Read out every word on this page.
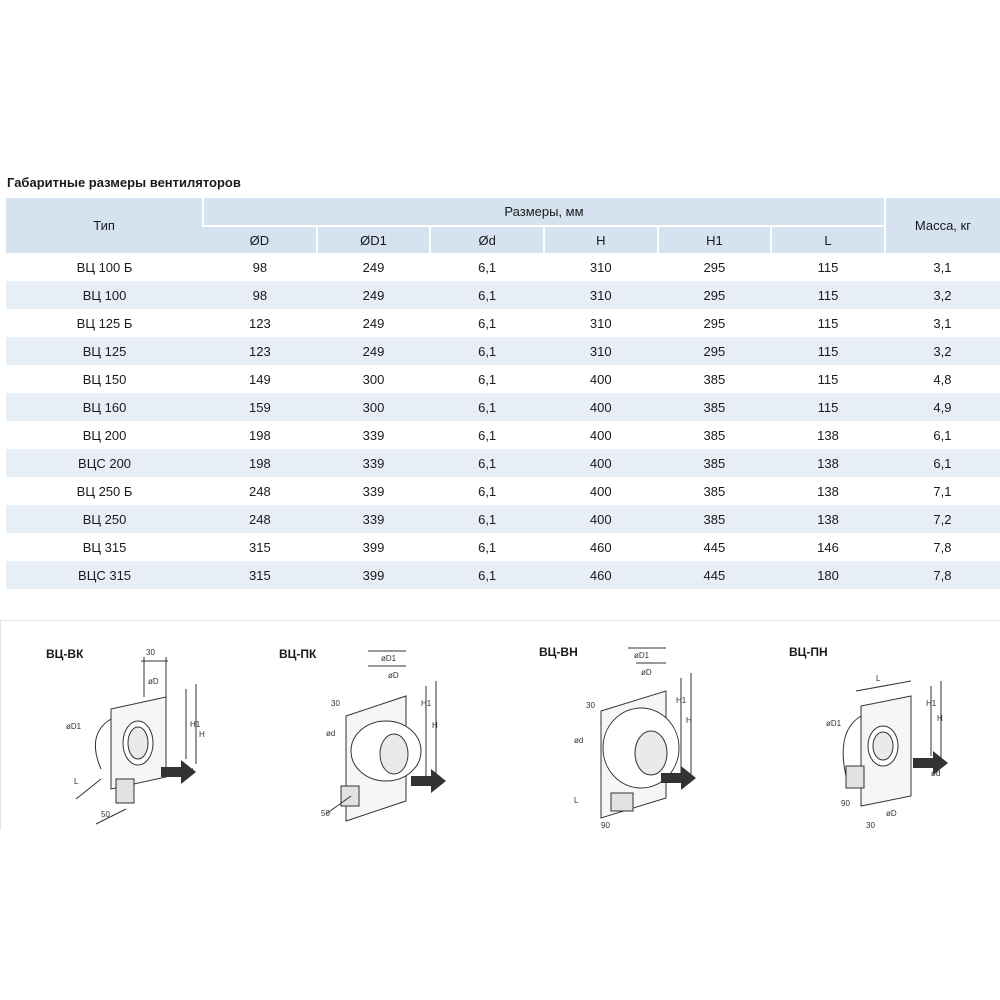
Габаритные размеры вентиляторов
Тип	Размеры, мм						Масса, кг
	ØD	ØD1	Ød	H	H1	L	
ВЦ 100 Б	98	249	6,1	310	295	115	3,1
ВЦ 100	98	249	6,1	310	295	115	3,2
ВЦ 125 Б	123	249	6,1	310	295	115	3,1
ВЦ 125	123	249	6,1	310	295	115	3,2
ВЦ 150	149	300	6,1	400	385	115	4,8
ВЦ 160	159	300	6,1	400	385	115	4,9
ВЦ 200	198	339	6,1	400	385	138	6,1
ВЦС 200	198	339	6,1	400	385	138	6,1
ВЦ 250 Б	248	339	6,1	400	385	138	7,1
ВЦ 250	248	339	6,1	400	385	138	7,2
ВЦ 315	315	399	6,1	460	445	146	7,8
ВЦС 315	315	399	6,1	460	445	180	7,8
ВЦ-ВК	30
50
øD
øD1
L
H1
H
ød
ВЦ-ПК
30
50
øD
øD1
H1
H
ød
ВЦ-ВН
30
90
øD
øD1
L
H1
H
ød
ВЦ-ПН
90
30
øD
øD1
L
H1
H
ød
